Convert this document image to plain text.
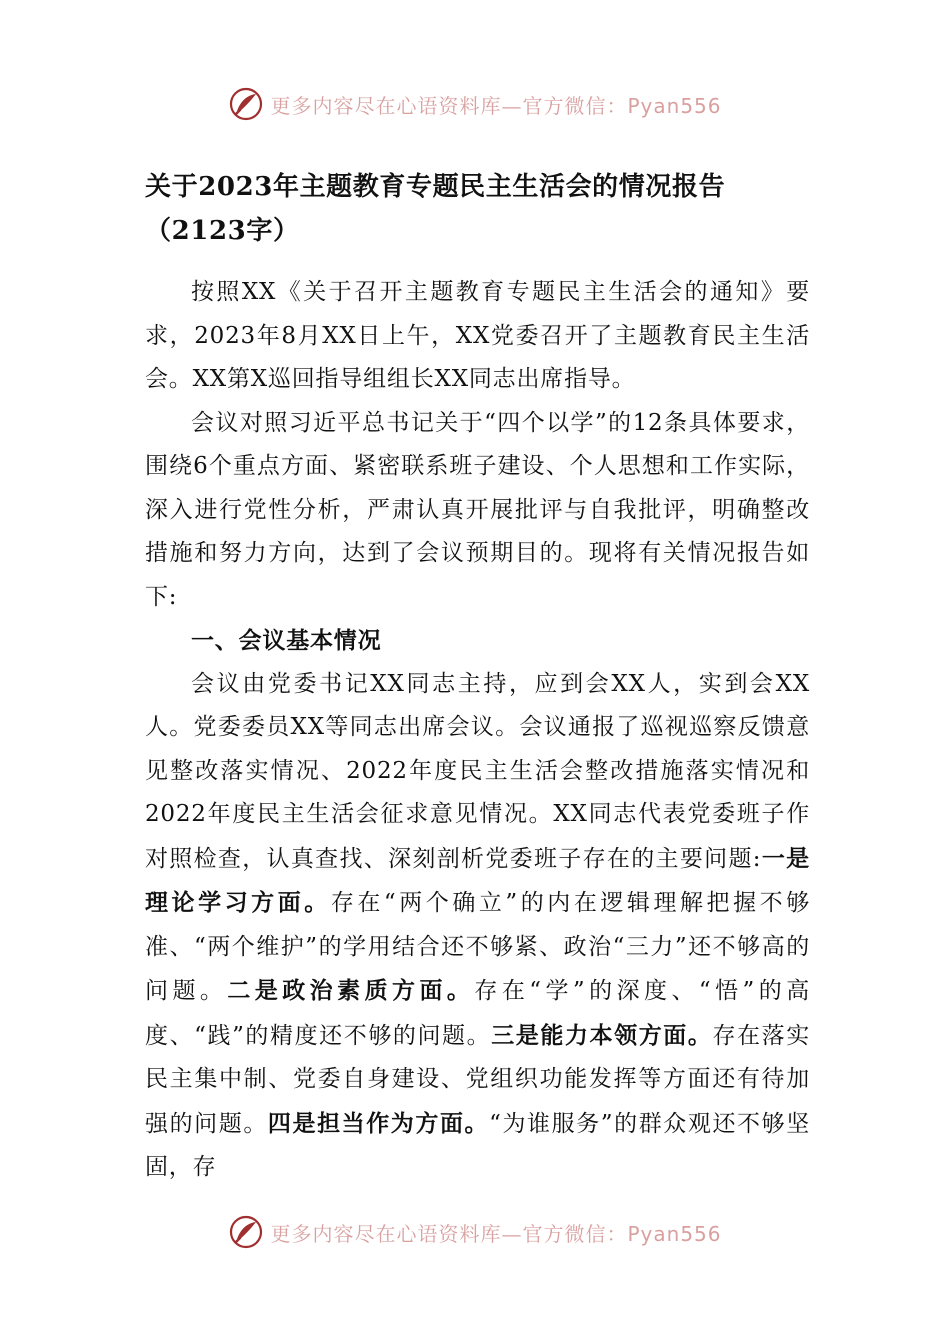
更多内容尽在心语资料库—官方微信：Pyan556
关于2023年主题教育专题民主生活会的情况报告（2123字）

按照XX《关于召开主题教育专题民主生活会的通知》要求，2023年8月XX日上午，XX党委召开了主题教育民主生活会。XX第X巡回指导组组长XX同志出席指导。

会议对照习近平总书记关于“四个以学”的12条具体要求，围绕6个重点方面、紧密联系班子建设、个人思想和工作实际，深入进行党性分析，严肃认真开展批评与自我批评，明确整改措施和努力方向，达到了会议预期目的。现将有关情况报告如下:

一、会议基本情况

会议由党委书记XX同志主持，应到会XX人，实到会XX人。党委委员XX等同志出席会议。会议通报了巡视巡察反馈意见整改落实情况、2022年度民主生活会整改措施落实情况和2022年度民主生活会征求意见情况。XX同志代表党委班子作对照检查，认真查找、深刻剖析党委班子存在的主要问题:一是理论学习方面。存在“两个确立”的内在逻辑理解把握不够准、“两个维护”的学用结合还不够紧、政治“三力”还不够高的问题。二是政治素质方面。存在“学”的深度、“悟”的高度、“践”的精度还不够的问题。三是能力本领方面。存在落实民主集中制、党委自身建设、党组织功能发挥等方面还有待加强的问题。四是担当作为方面。“为谁服务”的群众观还不够坚固，存

更多内容尽在心语资料库—官方微信：Pyan556
